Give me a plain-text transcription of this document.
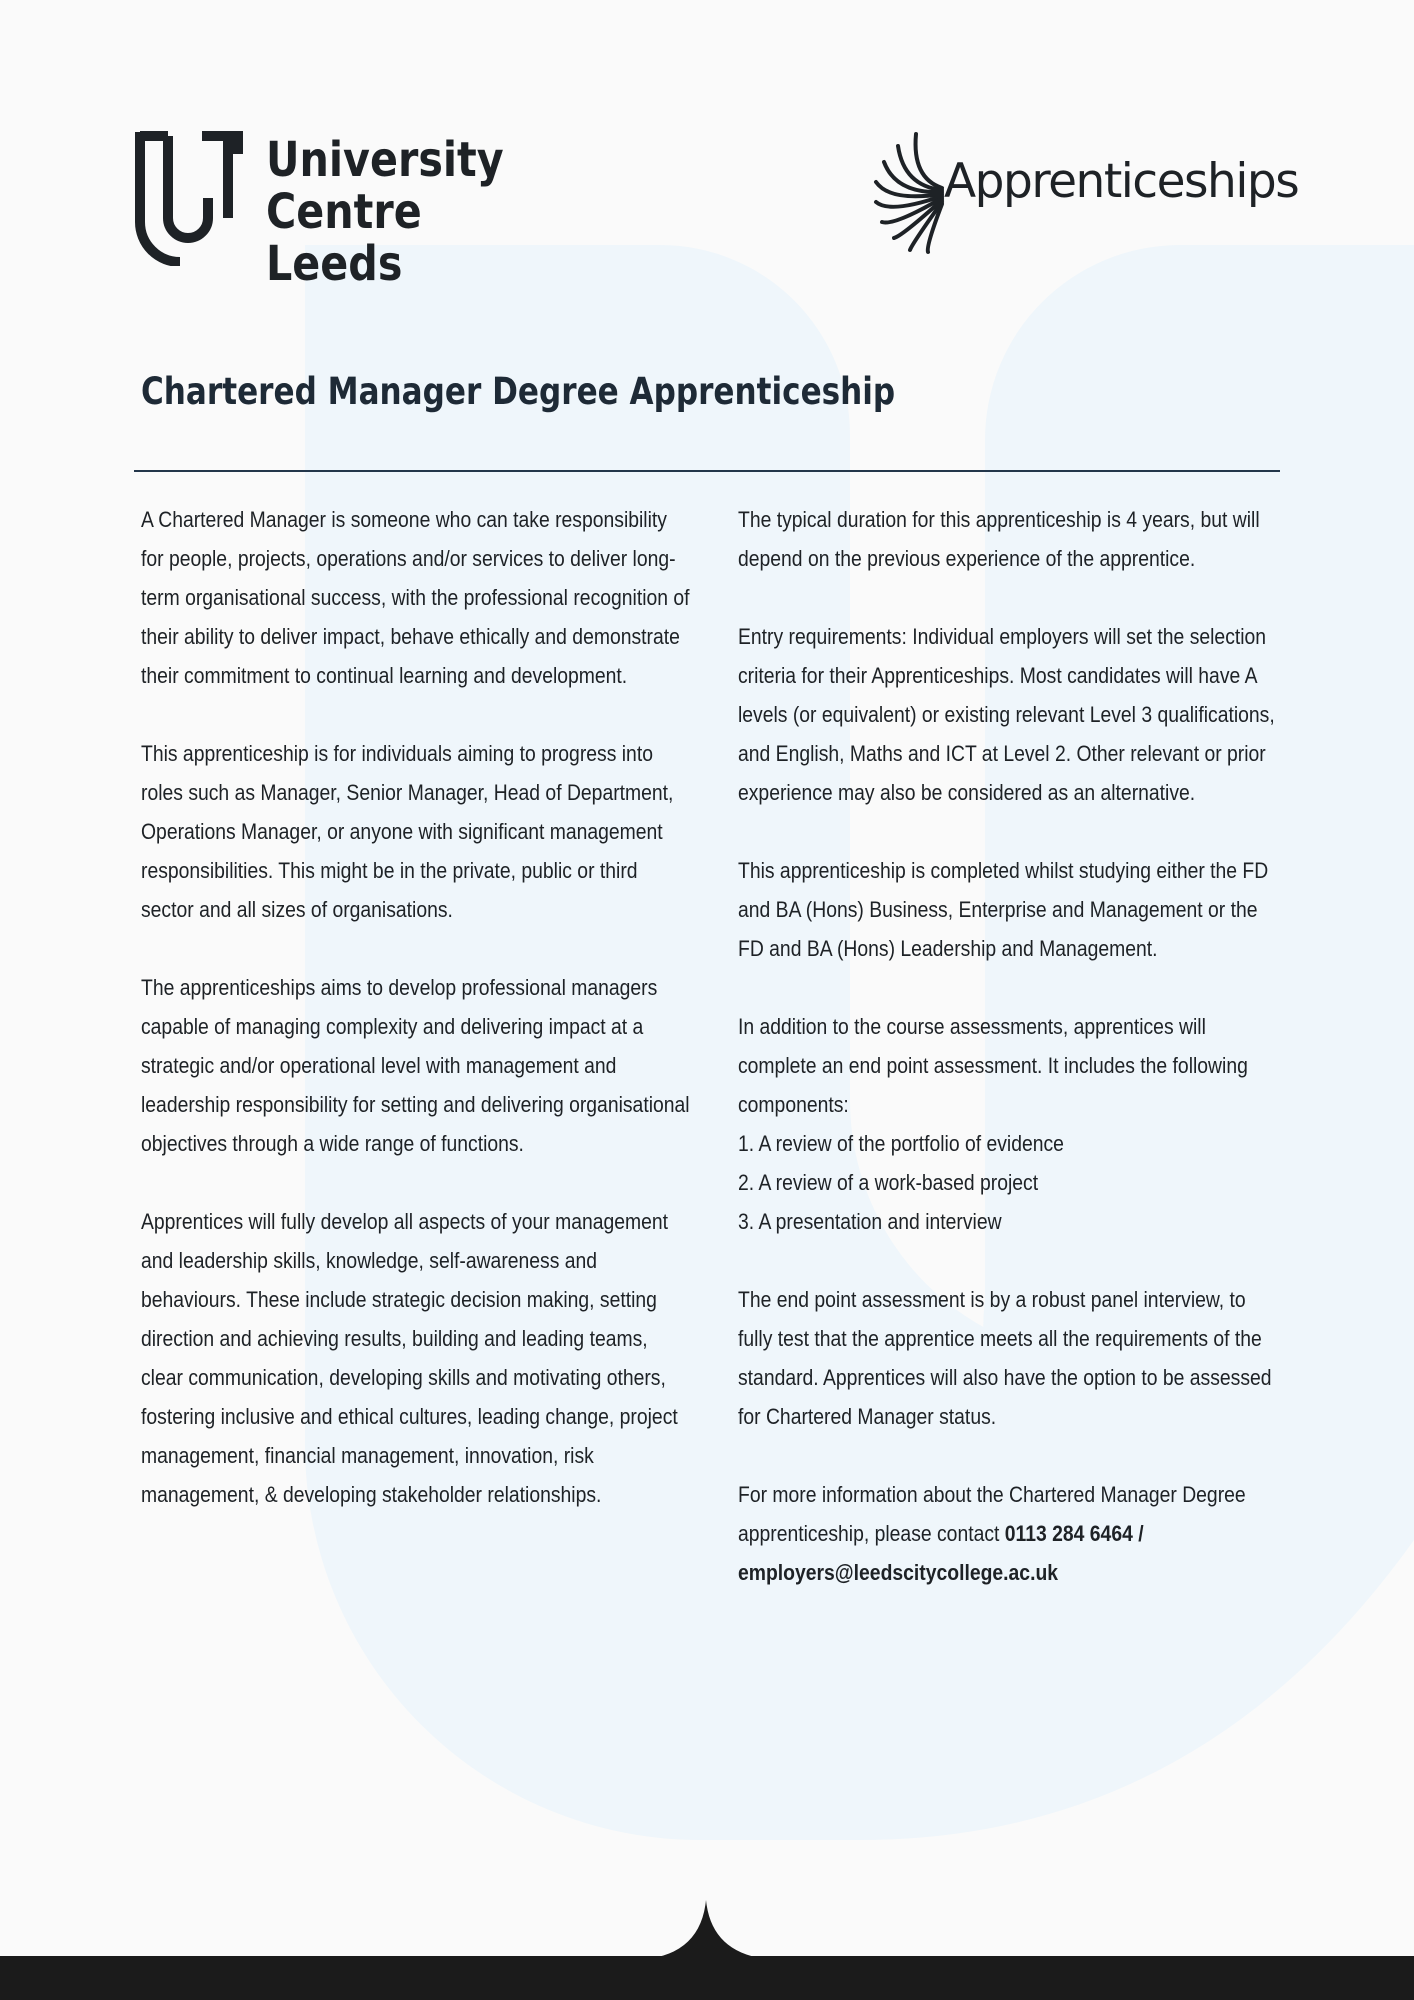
University
Centre Leeds
Apprenticeships
Chartered Manager Degree Apprenticeship

A Chartered Manager is someone who can take responsibility for people, projects, operations and/or services to deliver long-term organisational success, with the professional recognition of their ability to deliver impact, behave ethically and demonstrate their commitment to continual learning and development.

This apprenticeship is for individuals aiming to progress into roles such as Manager, Senior Manager, Head of Department, Operations Manager, or anyone with significant management responsibilities. This might be in the private, public or third sector and all sizes of organisations.

The apprenticeships aims to develop professional managers capable of managing complexity and delivering impact at a strategic and/or operational level with management and leadership responsibility for setting and delivering organisational objectives through a wide range of functions.

Apprentices will fully develop all aspects of your management and leadership skills, knowledge, self-awareness and behaviours. These include strategic decision making, setting direction and achieving results, building and leading teams, clear communication, developing skills and motivating others, fostering inclusive and ethical cultures, leading change, project management, financial management, innovation, risk management, & developing stakeholder relationships.

The typical duration for this apprenticeship is 4 years, but will depend on the previous experience of the apprentice.

Entry requirements: Individual employers will set the selection criteria for their Apprenticeships. Most candidates will have A levels (or equivalent) or existing relevant Level 3 qualifications, and English, Maths and ICT at Level 2. Other relevant or prior experience may also be considered as an alternative.

This apprenticeship is completed whilst studying either the FD and BA (Hons) Business, Enterprise and Management or the FD and BA (Hons) Leadership and Management.

In addition to the course assessments, apprentices will complete an end point assessment. It includes the following components:
1. A review of the portfolio of evidence
2. A review of a work-based project
3. A presentation and interview

The end point assessment is by a robust panel interview, to fully test that the apprentice meets all the requirements of the standard. Apprentices will also have the option to be assessed for Chartered Manager status.

For more information about the Chartered Manager Degree apprenticeship, please contact 0113 284 6464 / employers@leedscitycollege.ac.uk
